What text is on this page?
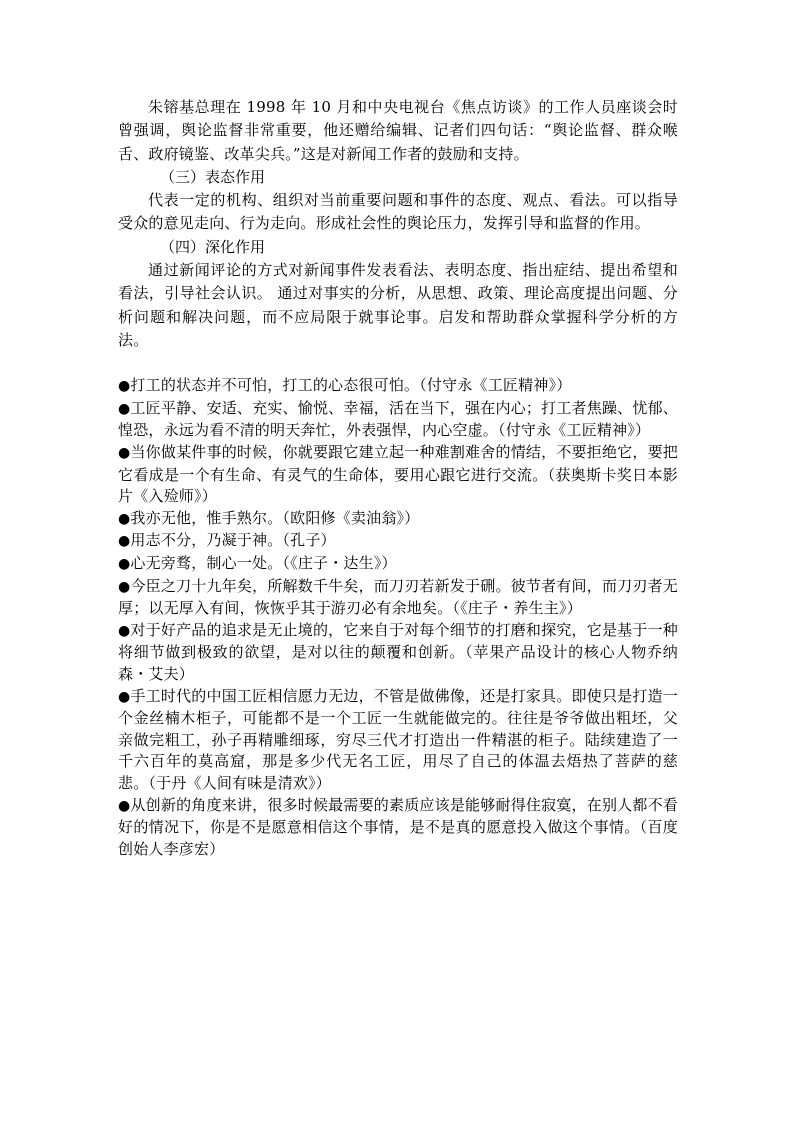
朱镕基总理在 1998 年 10 月和中央电视台《焦点访谈》的工作人员座谈会时曾强调，舆论监督非常重要，他还赠给编辑、记者们四句话：“舆论监督、群众喉舌、政府镜鉴、改革尖兵。”这是对新闻工作者的鼓励和支持。

（三）表态作用

代表一定的机构、组织对当前重要问题和事件的态度、观点、看法。可以指导受众的意见走向、行为走向。形成社会性的舆论压力，发挥引导和监督的作用。

（四）深化作用

通过新闻评论的方式对新闻事件发表看法、表明态度、指出症结、提出希望和看法，引导社会认识。 通过对事实的分析，从思想、政策、理论高度提出问题、分析问题和解决问题，而不应局限于就事论事。启发和帮助群众掌握科学分析的方法。

●打工的状态并不可怕，打工的心态很可怕。（付守永《工匠精神》）

●工匠平静、安适、充实、愉悦、幸福，活在当下，强在内心；打工者焦躁、忧郁、惶恐，永远为看不清的明天奔忙，外表强悍，内心空虚。（付守永《工匠精神》）

●当你做某件事的时候，你就要跟它建立起一种难割难舍的情结，不要拒绝它，要把它看成是一个有生命、有灵气的生命体，要用心跟它进行交流。（获奥斯卡奖日本影片《入殓师》）

●我亦无他，惟手熟尔。（欧阳修《卖油翁》）

●用志不分，乃凝于神。（孔子）

●心无旁骛，制心一处。（《庄子・达生》）

●今臣之刀十九年矣，所解数千牛矣，而刀刃若新发于硎。彼节者有间，而刀刃者无厚；以无厚入有间，恢恢乎其于游刃必有余地矣。（《庄子・养生主》）

●对于好产品的追求是无止境的，它来自于对每个细节的打磨和探究，它是基于一种将细节做到极致的欲望，是对以往的颠覆和创新。（苹果产品设计的核心人物乔纳森・艾夫）

●手工时代的中国工匠相信愿力无边，不管是做佛像，还是打家具。即使只是打造一个金丝楠木柜子，可能都不是一个工匠一生就能做完的。往往是爷爷做出粗坯，父亲做完粗工，孙子再精雕细琢，穷尽三代才打造出一件精湛的柜子。陆续建造了一千六百年的莫高窟，那是多少代无名工匠，用尽了自己的体温去焐热了菩萨的慈悲。（于丹《人间有味是清欢》）

●从创新的角度来讲，很多时候最需要的素质应该是能够耐得住寂寞，在别人都不看好的情况下，你是不是愿意相信这个事情，是不是真的愿意投入做这个事情。（百度创始人李彦宏）
